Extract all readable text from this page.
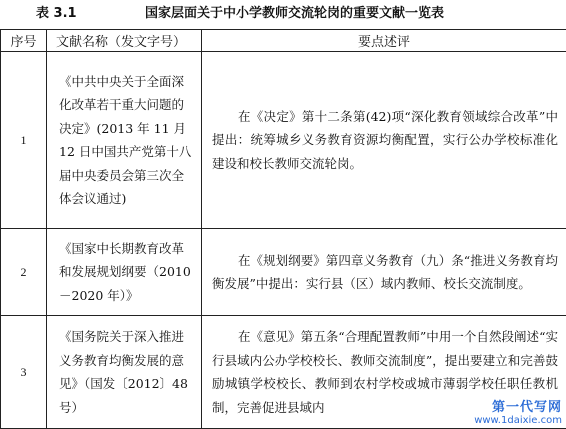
表 3.1	国家层面关于中小学教师交流轮岗的重要文献一览表
序号	文献名称（发文字号）	要点述评
1	《中共中央关于全面深化改革若干重大问题的决定》(2013 年 11 月 12 日中国共产党第十八届中央委员会第三次全体会议通过)	在《决定》第十二条第(42)项“深化教育领域综合改革”中提出：统筹城乡义务教育资源均衡配置，实行公办学校标准化建设和校长教师交流轮岗。
2	《国家中长期教育改革和发展规划纲要（2010－2020 年）》	在《规划纲要》第四章义务教育（九）条“推进义务教育均衡发展”中提出：实行县（区）域内教师、校长交流制度。
3	《国务院关于深入推进义务教育均衡发展的意见》（国发〔2012〕48 号）	在《意见》第五条“合理配置教师”中用一个自然段阐述“实行县域内公办学校校长、教师交流制度”，提出要建立和完善鼓励城镇学校校长、教师到农村学校或城市薄弱学校任职任教机制，完善促进县域内	第一代写网
www.1daixie.com
